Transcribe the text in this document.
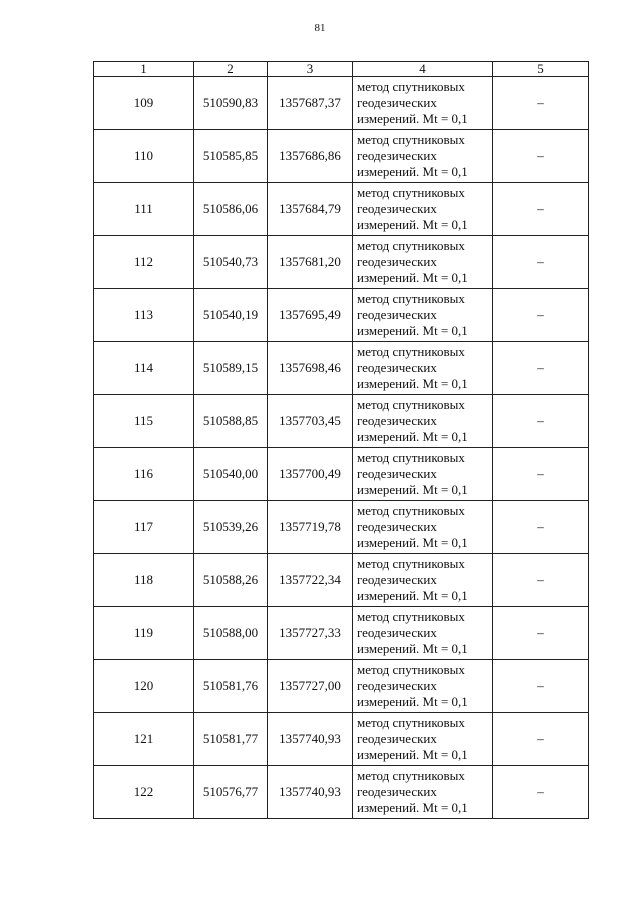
81
1	2	3	4	5
109	510590,83	1357687,37	метод спутниковых
геодезических
измерений. Mt = 0,1	–
110	510585,85	1357686,86	метод спутниковых
геодезических
измерений. Mt = 0,1	–
111	510586,06	1357684,79	метод спутниковых
геодезических
измерений. Mt = 0,1	–
112	510540,73	1357681,20	метод спутниковых
геодезических
измерений. Mt = 0,1	–
113	510540,19	1357695,49	метод спутниковых
геодезических
измерений. Mt = 0,1	–
114	510589,15	1357698,46	метод спутниковых
геодезических
измерений. Mt = 0,1	–
115	510588,85	1357703,45	метод спутниковых
геодезических
измерений. Mt = 0,1	–
116	510540,00	1357700,49	метод спутниковых
геодезических
измерений. Mt = 0,1	–
117	510539,26	1357719,78	метод спутниковых
геодезических
измерений. Mt = 0,1	–
118	510588,26	1357722,34	метод спутниковых
геодезических
измерений. Mt = 0,1	–
119	510588,00	1357727,33	метод спутниковых
геодезических
измерений. Mt = 0,1	–
120	510581,76	1357727,00	метод спутниковых
геодезических
измерений. Mt = 0,1	–
121	510581,77	1357740,93	метод спутниковых
геодезических
измерений. Mt = 0,1	–
122	510576,77	1357740,93	метод спутниковых
геодезических
измерений. Mt = 0,1	–
